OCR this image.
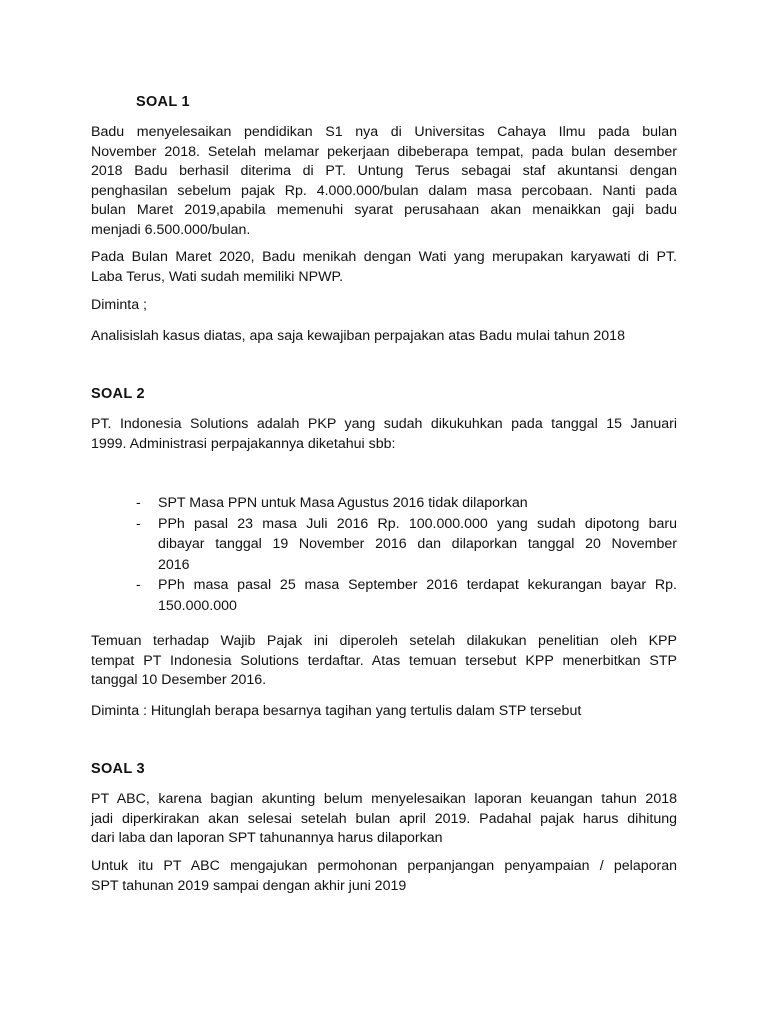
SOAL 1

Badu menyelesaikan pendidikan S1 nya di Universitas Cahaya Ilmu pada bulan
November 2018. Setelah melamar pekerjaan dibeberapa tempat, pada bulan desember
2018 Badu berhasil diterima di PT. Untung Terus sebagai staf akuntansi dengan
penghasilan sebelum pajak Rp. 4.000.000/bulan dalam masa percobaan. Nanti pada
bulan Maret 2019,apabila memenuhi syarat perusahaan akan menaikkan gaji badu
menjadi 6.500.000/bulan.

Pada Bulan Maret 2020, Badu menikah dengan Wati yang merupakan karyawati di PT.
Laba Terus, Wati sudah memiliki NPWP.

Diminta ;

Analisislah kasus diatas, apa saja kewajiban perpajakan atas Badu mulai tahun 2018

SOAL 2

PT. Indonesia Solutions adalah PKP yang sudah dikukuhkan pada tanggal 15 Januari
1999. Administrasi perpajakannya diketahui sbb:

- SPT Masa PPN untuk Masa Agustus 2016 tidak dilaporkan
- PPh pasal 23 masa Juli 2016 Rp. 100.000.000 yang sudah dipotong baru
dibayar tanggal 19 November 2016 dan dilaporkan tanggal 20 November
2016
- PPh masa pasal 25 masa September 2016 terdapat kekurangan bayar Rp.
150.000.000

Temuan terhadap Wajib Pajak ini diperoleh setelah dilakukan penelitian oleh KPP
tempat PT Indonesia Solutions terdaftar. Atas temuan tersebut KPP menerbitkan STP
tanggal 10 Desember 2016.

Diminta : Hitunglah berapa besarnya tagihan yang tertulis dalam STP tersebut

SOAL 3

PT ABC, karena bagian akunting belum menyelesaikan laporan keuangan tahun 2018
jadi diperkirakan akan selesai setelah bulan april 2019. Padahal pajak harus dihitung
dari laba dan laporan SPT tahunannya harus dilaporkan

Untuk itu PT ABC mengajukan permohonan perpanjangan penyampaian / pelaporan
SPT tahunan 2019 sampai dengan akhir juni 2019
